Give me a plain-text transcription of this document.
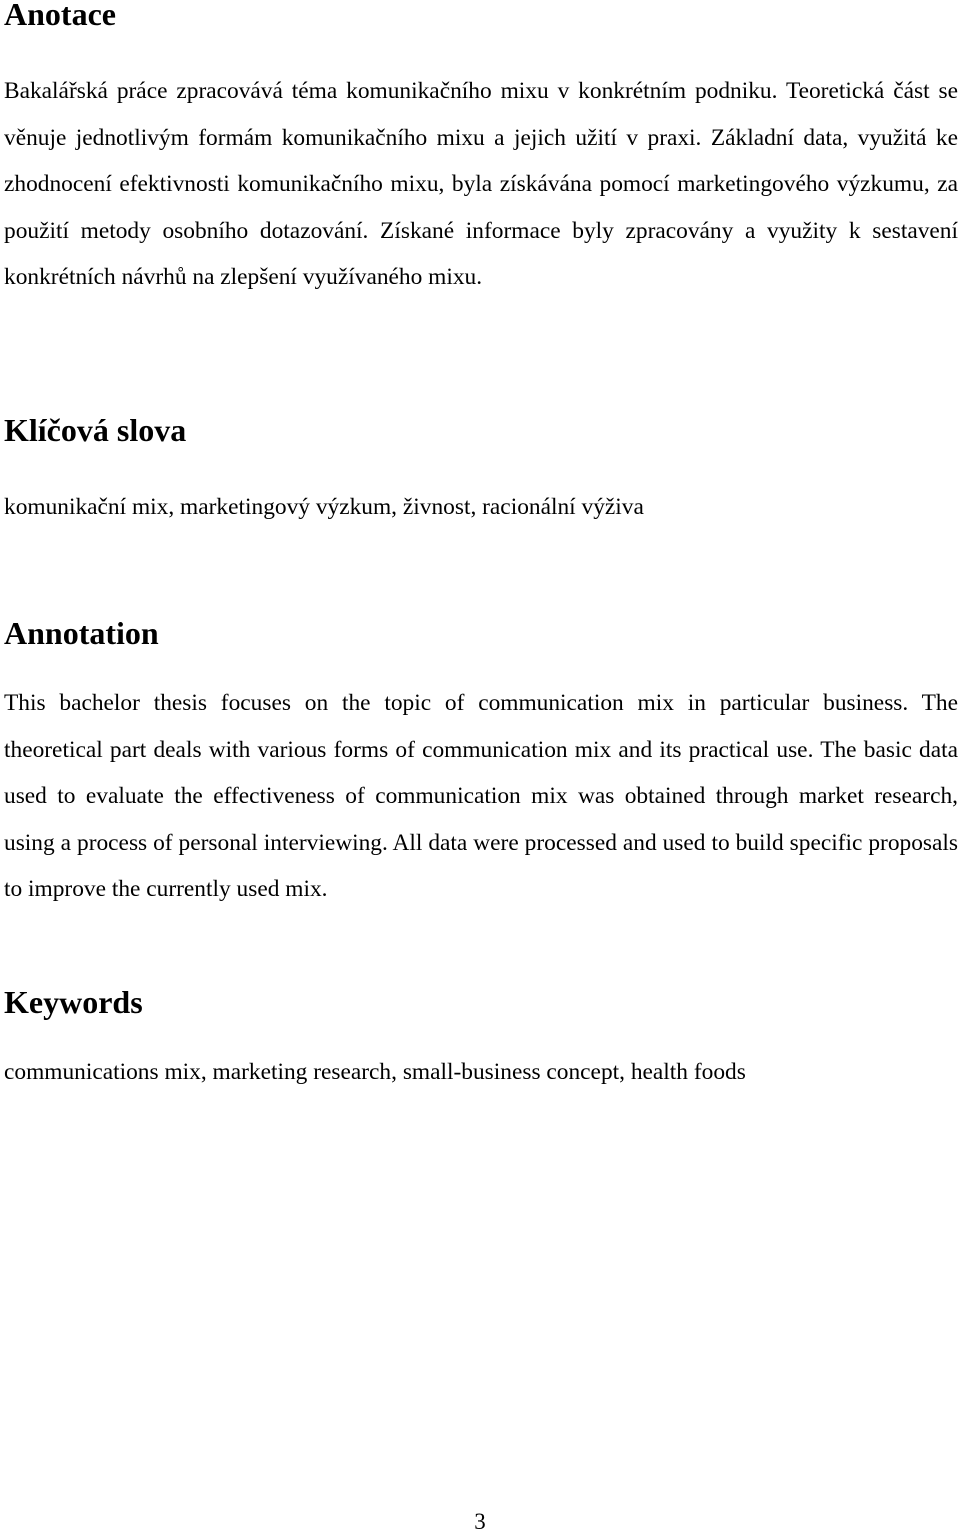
Anotace

Bakalářská práce zpracovává téma komunikačního mixu v konkrétním podniku. Teoretická část se věnuje jednotlivým formám komunikačního mixu a jejich užití v praxi. Základní data, využitá ke zhodnocení efektivnosti komunikačního mixu, byla získávána pomocí marketingového výzkumu, za použití metody osobního dotazování. Získané informace byly zpracovány a využity k sestavení konkrétních návrhů na zlepšení využívaného mixu.

Klíčová slova

komunikační mix, marketingový výzkum, živnost, racionální výživa

Annotation

This bachelor thesis focuses on the topic of communication mix in particular business. The theoretical part deals with various forms of communication mix and its practical use. The basic data used to evaluate the effectiveness of communication mix was obtained through market research, using a process of personal interviewing. All data were processed and used to build specific proposals to improve the currently used mix.

Keywords

communications mix, marketing research, small-business concept, health foods

3
